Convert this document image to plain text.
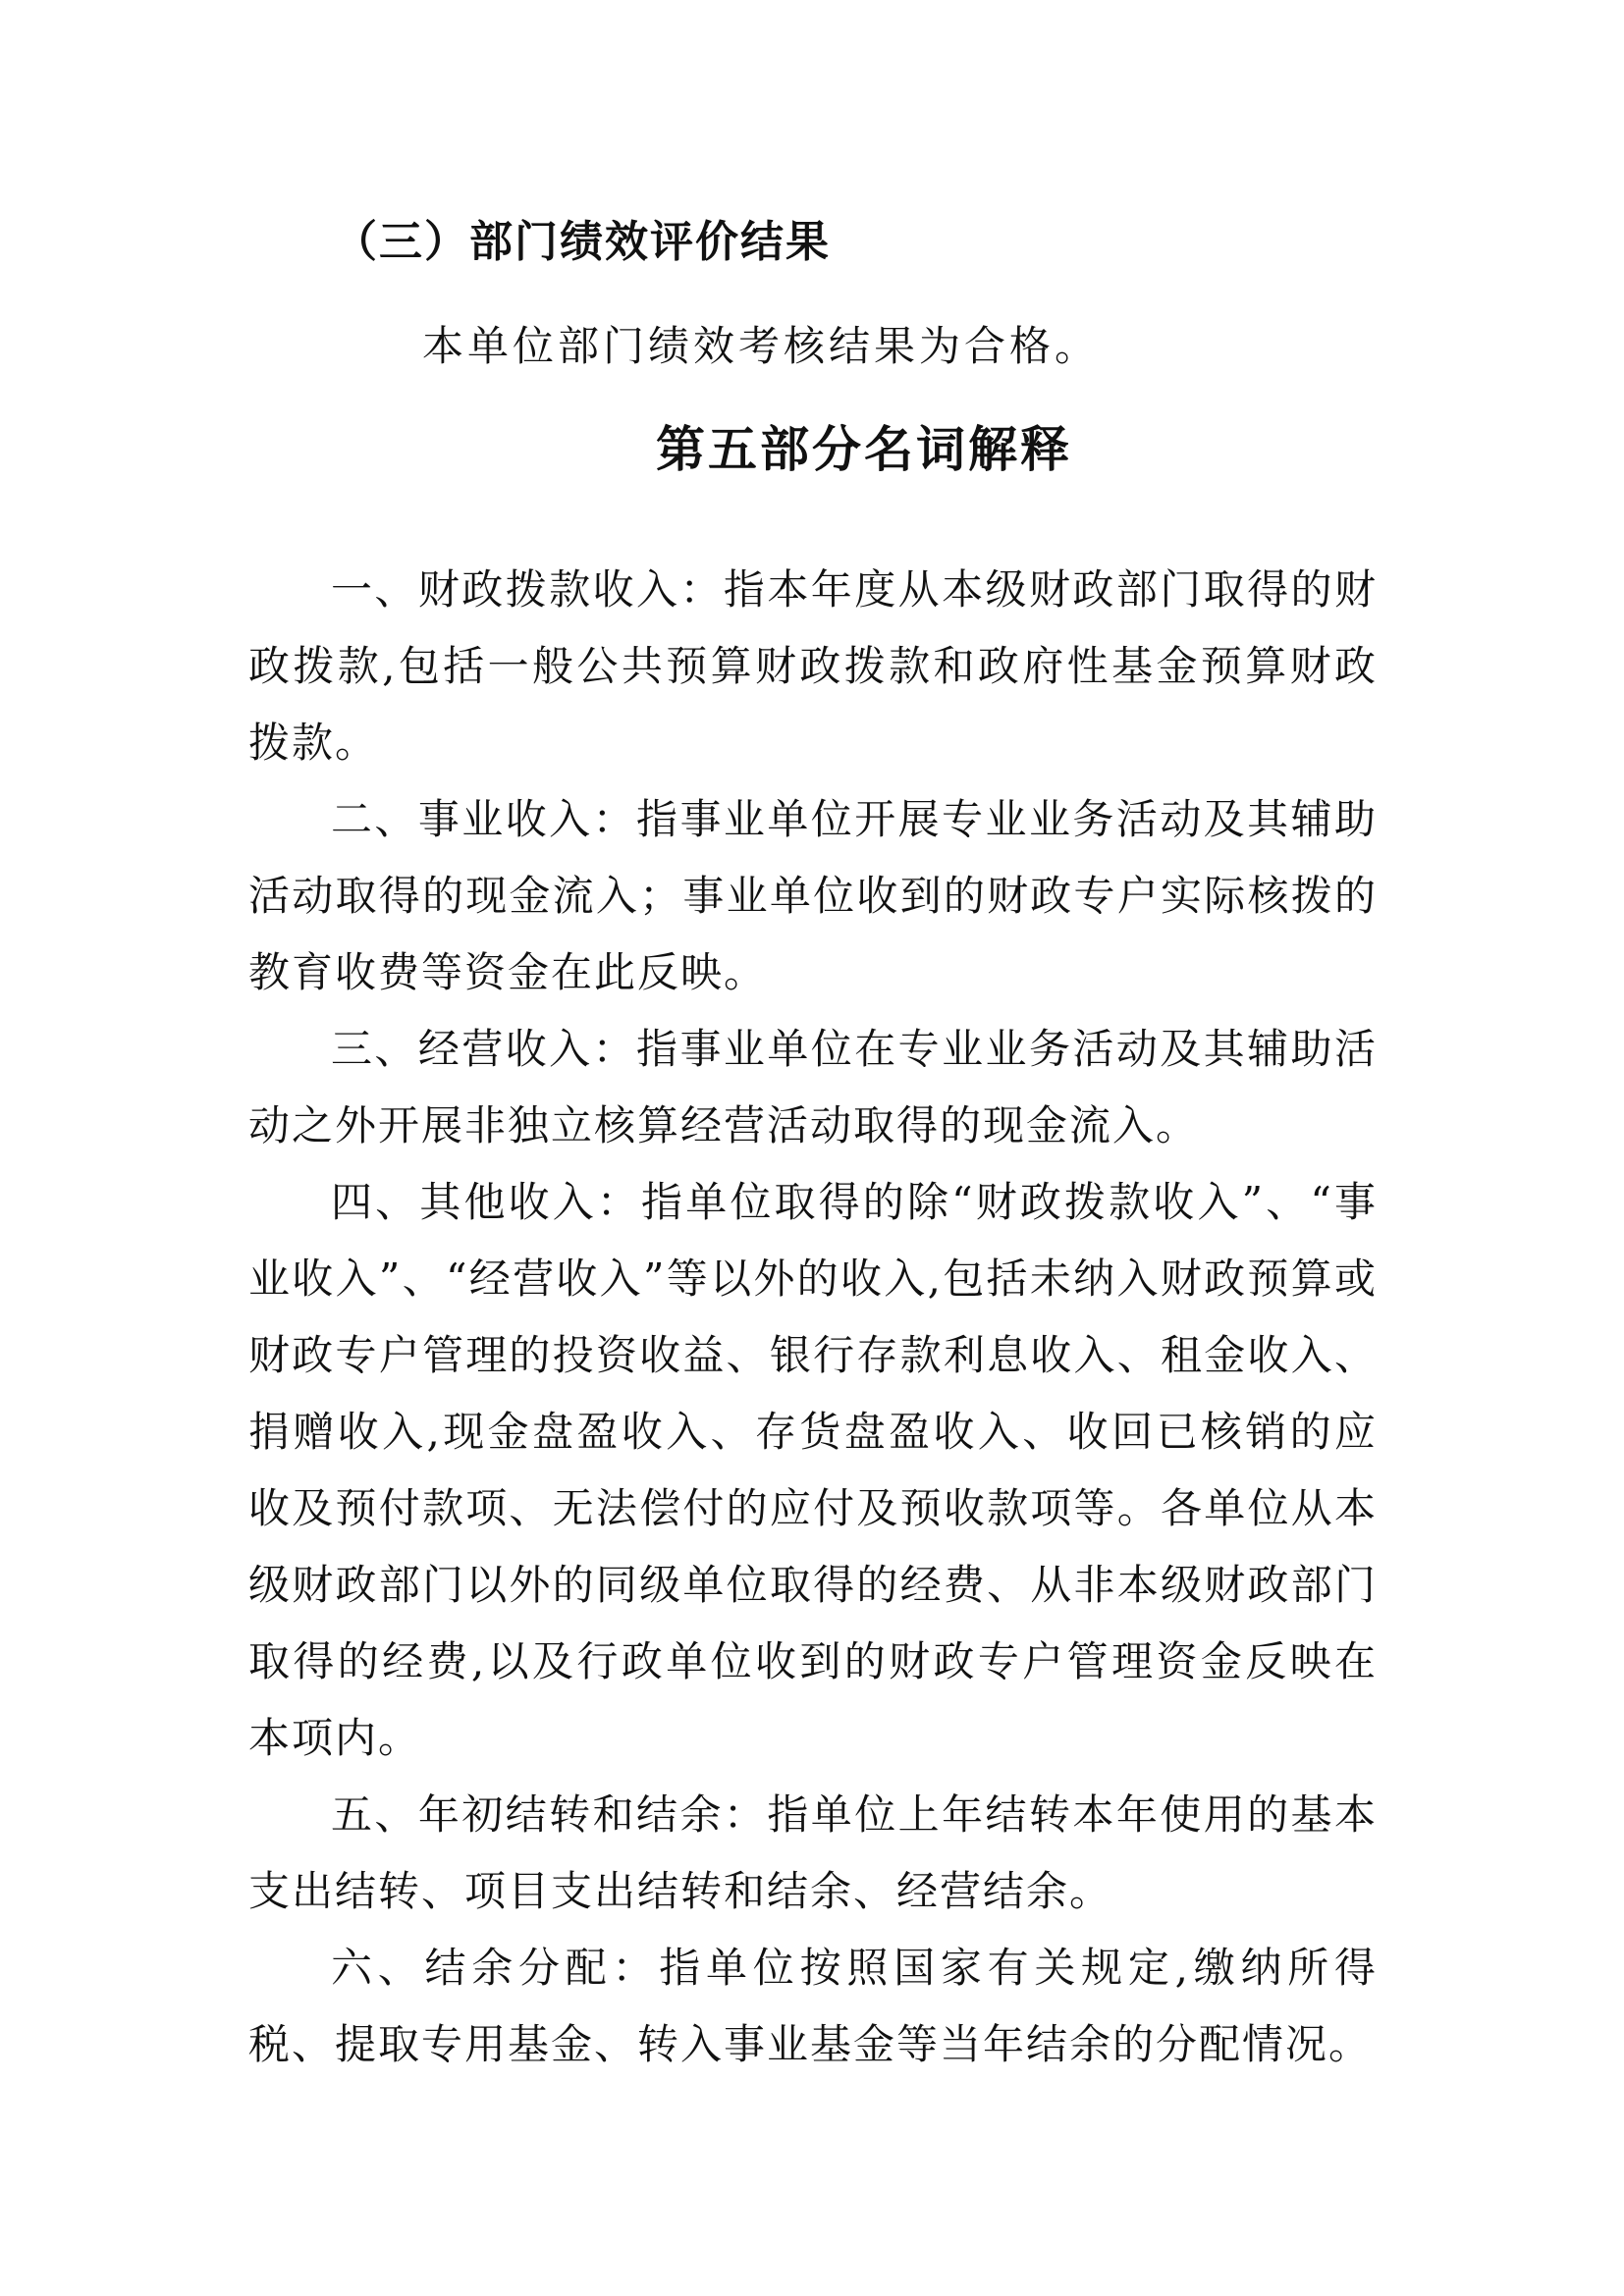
（三）部门绩效评价结果
本单位部门绩效考核结果为合格。
第五部分名词解释

一、财政拨款收入：指本年度从本级财政部门取得的财政拨款,包括一般公共预算财政拨款和政府性基金预算财政拨款。

二、事业收入：指事业单位开展专业业务活动及其辅助活动取得的现金流入；事业单位收到的财政专户实际核拨的教育收费等资金在此反映。

三、经营收入：指事业单位在专业业务活动及其辅助活动之外开展非独立核算经营活动取得的现金流入。

四、其他收入：指单位取得的除“财政拨款收入”、“事业收入”、“经营收入”等以外的收入,包括未纳入财政预算或财政专户管理的投资收益、银行存款利息收入、租金收入、捐赠收入,现金盘盈收入、存货盘盈收入、收回已核销的应收及预付款项、无法偿付的应付及预收款项等。各单位从本级财政部门以外的同级单位取得的经费、从非本级财政部门取得的经费,以及行政单位收到的财政专户管理资金反映在本项内。

五、年初结转和结余：指单位上年结转本年使用的基本支出结转、项目支出结转和结余、经营结余。

六、结余分配：指单位按照国家有关规定,缴纳所得税、提取专用基金、转入事业基金等当年结余的分配情况。
